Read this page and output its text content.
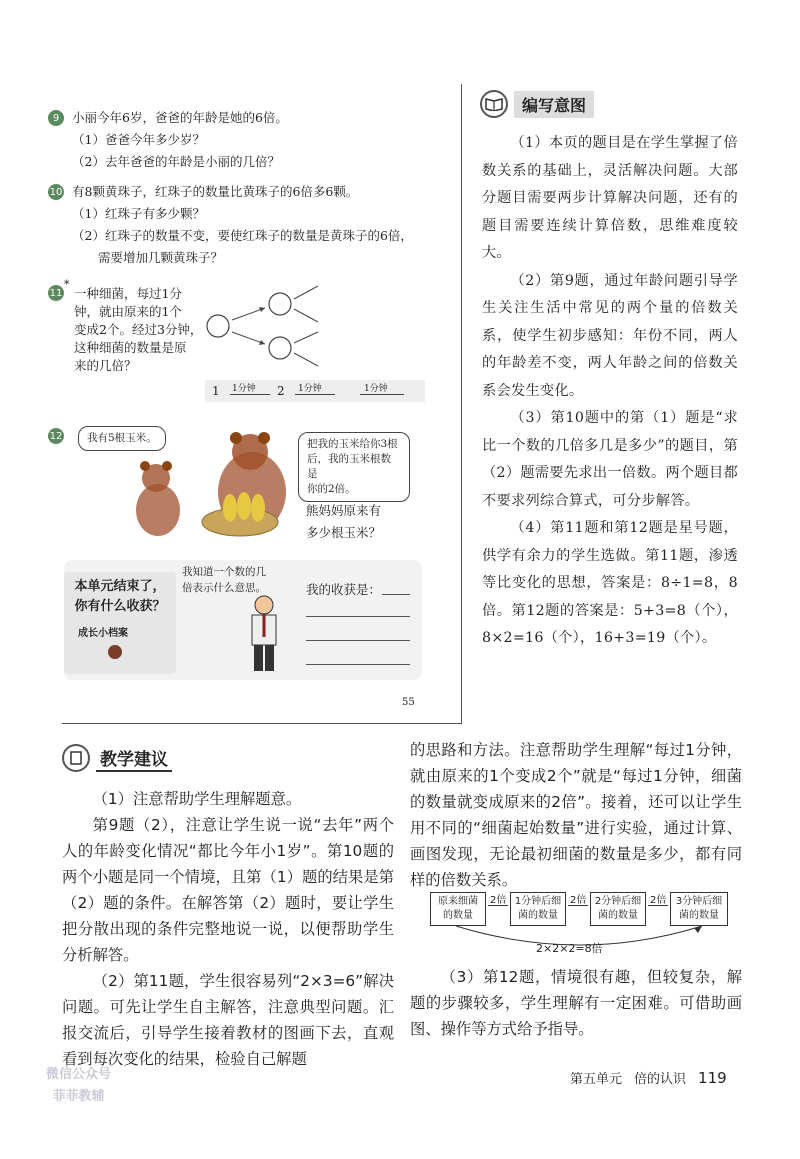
9	小丽今年6岁，爸爸的年龄是她的6倍。
（1）爸爸今年多少岁？
（2）去年爸爸的年龄是小丽的几倍？
10 有8颗黄珠子，红珠子的数量比黄珠子的6倍多6颗。
（1）红珠子有多少颗？
（2）红珠子的数量不变，要使红珠子的数量是黄珠子的6倍，
需要增加几颗黄珠子？
11
*
一种细菌，每过1分
钟，就由原来的1个
变成2个。经过3分钟，
这种细菌的数量是原
来的几倍？
1 1分钟 2 1分钟	1分钟
12	我有5根玉米。	把我的玉米给你3根
后，我的玉米根数是
你的2倍。
熊妈妈原来有
多少根玉米？
本单元结束了，
你有什么收获？
成长小档案
我知道一个数的几
倍表示什么意思。	我的收获是：
55
编写意图

（1）本页的题目是在学生掌握了倍数关系的基础上，灵活解决问题。大部分题目需要两步计算解决问题，还有的题目需要连续计算倍数，思维难度较大。

（2）第9题，通过年龄问题引导学生关注生活中常见的两个量的倍数关系，使学生初步感知：年份不同，两人的年龄差不变，两人年龄之间的倍数关系会发生变化。

（3）第10题中的第（1）题是“求比一个数的几倍多几是多少”的题目，第（2）题需要先求出一倍数。两个题目都不要求列综合算式，可分步解答。

（4）第11题和第12题是星号题，供学有余力的学生选做。第11题，渗透等比变化的思想，答案是：8÷1=8，8倍。第12题的答案是：5+3=8（个），8×2=16（个），16+3=19（个）。

教学建议

（1）注意帮助学生理解题意。

第9题（2），注意让学生说一说“去年”两个人的年龄变化情况“都比今年小1岁”。第10题的两个小题是同一个情境，且第（1）题的结果是第（2）题的条件。在解答第（2）题时，要让学生把分散出现的条件完整地说一说，以便帮助学生分析解答。

（2）第11题，学生很容易列“2×3=6”解决问题。可先让学生自主解答，注意典型问题。汇报交流后，引导学生接着教材的图画下去，直观看到每次变化的结果，检验自己解题

的思路和方法。注意帮助学生理解“每过1分钟，就由原来的1个变成2个”就是“每过1分钟，细菌的数量就变成原来的2倍”。接着，还可以让学生用不同的“细菌起始数量”进行实验，通过计算、画图发现，无论最初细菌的数量是多少，都有同样的倍数关系。

原来细菌
的数量
2倍 1分钟后细
菌的数量
2倍 2分钟后细
菌的数量
2倍 3分钟后细
菌的数量
2×2×2=8倍

（3）第12题，情境很有趣，但较复杂，解题的步骤较多，学生理解有一定困难。可借助画图、操作等方式给予指导。

微信公众号
菲菲教辅
第五单元 倍的认识 119
